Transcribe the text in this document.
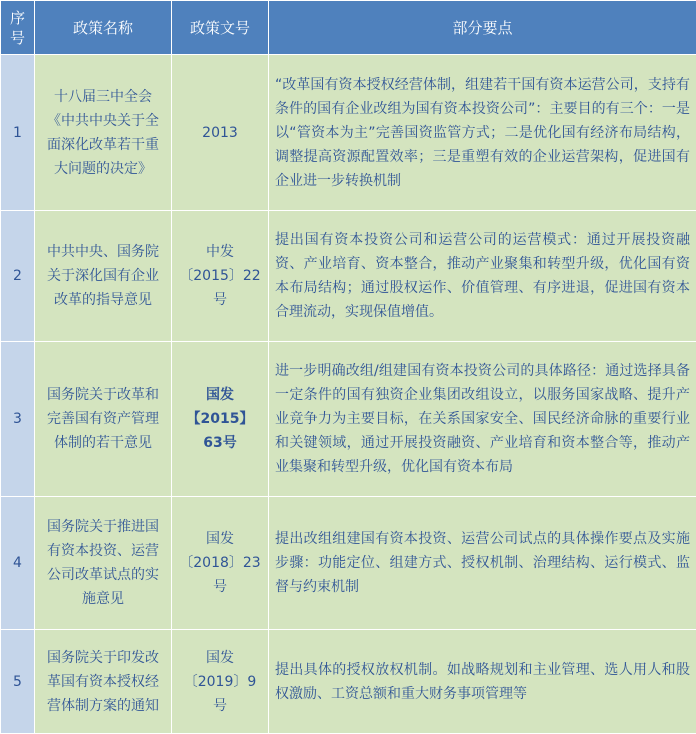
序号	政策名称	政策文号	部分要点
1	十八届三中全会《中共中央关于全面深化改革若干重大问题的决定》	2013	“改革国有资本授权经营体制，组建若干国有资本运营公司，支持有条件的国有企业改组为国有资本投资公司”：主要目的有三个：一是以“管资本为主”完善国资监管方式；二是优化国有经济布局结构，调整提高资源配置效率；三是重塑有效的企业运营架构，促进国有企业进一步转换机制
2	中共中央、国务院关于深化国有企业改革的指导意见	中发〔2015〕22号	提出国有资本投资公司和运营公司的运营模式：通过开展投资融资、产业培育、资本整合，推动产业聚集和转型升级，优化国有资本布局结构；通过股权运作、价值管理、有序进退，促进国有资本合理流动，实现保值增值。
3	国务院关于改革和完善国有资产管理体制的若干意见	国发【2015】63号	进一步明确改组/组建国有资本投资公司的具体路径：通过选择具备一定条件的国有独资企业集团改组设立，以服务国家战略、提升产业竞争力为主要目标，在关系国家安全、国民经济命脉的重要行业和关键领域，通过开展投资融资、产业培育和资本整合等，推动产业集聚和转型升级，优化国有资本布局
4	国务院关于推进国有资本投资、运营公司改革试点的实施意见	国发〔2018〕23号	提出改组组建国有资本投资、运营公司试点的具体操作要点及实施步骤：功能定位、组建方式、授权机制、治理结构、运行模式、监督与约束机制
5	国务院关于印发改革国有资本授权经营体制方案的通知	国发〔2019〕9号	提出具体的授权放权机制。如战略规划和主业管理、选人用人和股权激励、工资总额和重大财务事项管理等
